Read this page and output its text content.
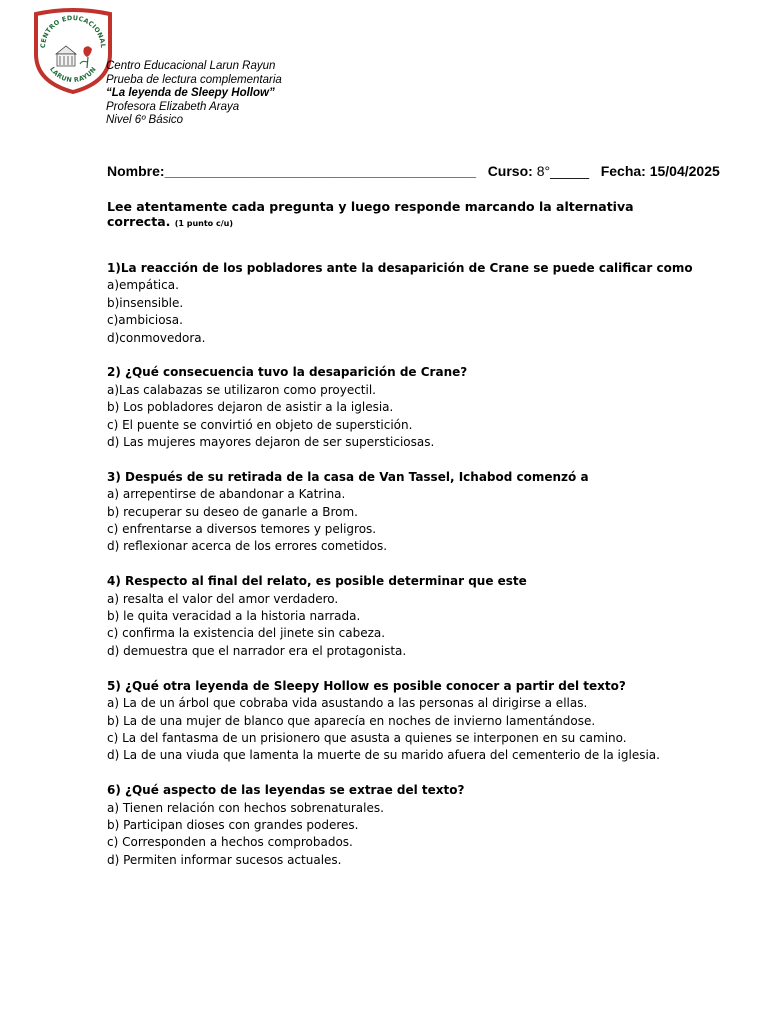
CENTRO EDUCACIONAL
LARUN RAYUN Centro Educacional Larun Rayun
Prueba de lectura complementaria
“La leyenda de Sleepy Hollow”
Profesora Elizabeth Araya
Nivel 6º Básico
Nombre:________________________________________ Curso: 8°_____ Fecha: 15/04/2025
Lee atentamente cada pregunta y luego responde marcando la alternativa correcta. (1 punto c/u)
1)La reacción de los pobladores ante la desaparición de Crane se puede calificar como
a)empática.
b)insensible.
c)ambiciosa.
d)conmovedora.
2) ¿Qué consecuencia tuvo la desaparición de Crane?
a)Las calabazas se utilizaron como proyectil.
b) Los pobladores dejaron de asistir a la iglesia.
c) El puente se convirtió en objeto de superstición.
d) Las mujeres mayores dejaron de ser supersticiosas.
3) Después de su retirada de la casa de Van Tassel, Ichabod comenzó a
a) arrepentirse de abandonar a Katrina.
b) recuperar su deseo de ganarle a Brom.
c) enfrentarse a diversos temores y peligros.
d) reflexionar acerca de los errores cometidos.
4) Respecto al final del relato, es posible determinar que este
a) resalta el valor del amor verdadero.
b) le quita veracidad a la historia narrada.
c) confirma la existencia del jinete sin cabeza.
d) demuestra que el narrador era el protagonista.
5) ¿Qué otra leyenda de Sleepy Hollow es posible conocer a partir del texto?
a) La de un árbol que cobraba vida asustando a las personas al dirigirse a ellas.
b) La de una mujer de blanco que aparecía en noches de invierno lamentándose.
c) La del fantasma de un prisionero que asusta a quienes se interponen en su camino.
d) La de una viuda que lamenta la muerte de su marido afuera del cementerio de la iglesia.
6) ¿Qué aspecto de las leyendas se extrae del texto?
a) Tienen relación con hechos sobrenaturales.
b) Participan dioses con grandes poderes.
c) Corresponden a hechos comprobados.
d) Permiten informar sucesos actuales.
